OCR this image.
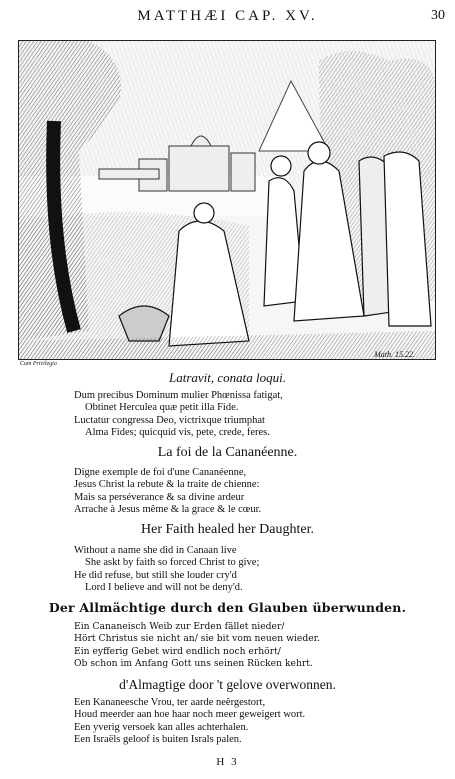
MATTHÆI CAP. XV.	30
Cum Privilegio
Math. 15.22.
Latravit, conata loqui.
Dum precibus Dominum mulier Phœnissa fatigat,
Obtinet Herculea quæ petit illa Fide.
Luctatur congressa Deo, victrixque triumphat
Alma Fides; quicquid vis, pete, crede, feres.
La foi de la Cananéenne.
Digne exemple de foi d'une Cananéenne,
Jesus Christ la rebute & la traite de chienne:
Mais sa perséverance & sa divine ardeur
Arrache à Jesus même & la grace & le cœur.
Her Faith healed her Daughter.
Without a name she did in Canaan live
She askt by faith so forced Christ to give;
He did refuse, but still she louder cry'd
Lord I believe and will not be deny'd.
Der Allmächtige durch den Glauben überwunden.
Ein Cananeisch Weib zur Erden fället nieder/
Hört Christus sie nicht an/ sie bit vom neuen wieder.
Ein eyfferig Gebet wird endlich noch erhört/
Ob schon im Anfang Gott uns seinen Rücken kehrt.
d'Almagtige door 't gelove overwonnen.
Een Kananeesche Vrou, ter aarde neêrgestort,
Houd meerder aan hoe haar noch meer geweigert wort.
Een yverig versoek kan alles achterhalen.
Een Israëls geloof is buiten Israls palen.
H 3
